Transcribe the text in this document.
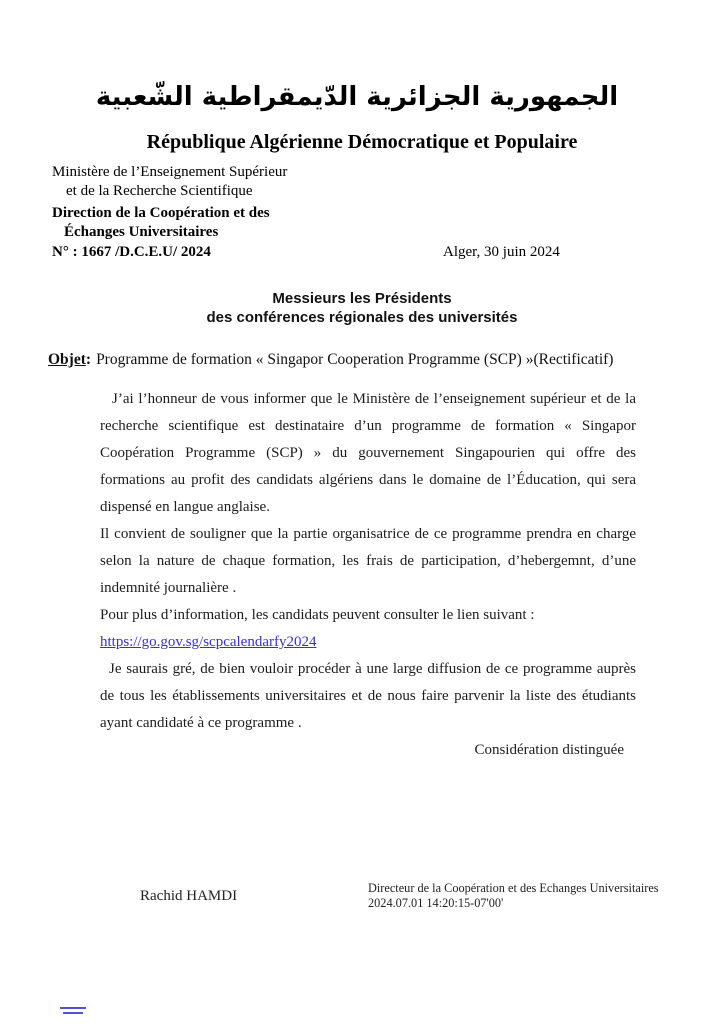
الجمهورية الجزائرية الدّيمقراطية الشّعبية
République Algérienne Démocratique et Populaire
Ministère de l’Enseignement Supérieur
et de la Recherche Scientifique
Direction de la Coopération et des
Échanges Universitaires
N° : 1667 /D.C.E.U/ 2024	Alger, 30 juin 2024
Messieurs les Présidents
des conférences régionales des universités
Objet: Programme de formation « Singapor Cooperation Programme (SCP) »(Rectificatif)

J’ai l’honneur de vous informer que le Ministère de l’enseignement supérieur et de la recherche scientifique est destinataire d’un programme de formation « Singapor Coopération Programme (SCP) » du gouvernement Singapourien qui offre des formations au profit des candidats algériens dans le domaine de l’Éducation, qui sera dispensé en langue anglaise.

Il convient de souligner que la partie organisatrice de ce programme prendra en charge selon la nature de chaque formation, les frais de participation, d’hebergemnt, d’une indemnité journalière .

Pour plus d’information, les candidats peuvent consulter le lien suivant :

https://go.gov.sg/scpcalendarfy2024

Je saurais gré, de bien vouloir procéder à une large diffusion de ce programme auprès de tous les établissements universitaires et de nous faire parvenir la liste des étudiants ayant candidaté à ce programme .

Considération distinguée
Rachid HAMDI	Directeur de la Coopération et des Echanges Universitaires
2024.07.01 14:20:15-07'00'
